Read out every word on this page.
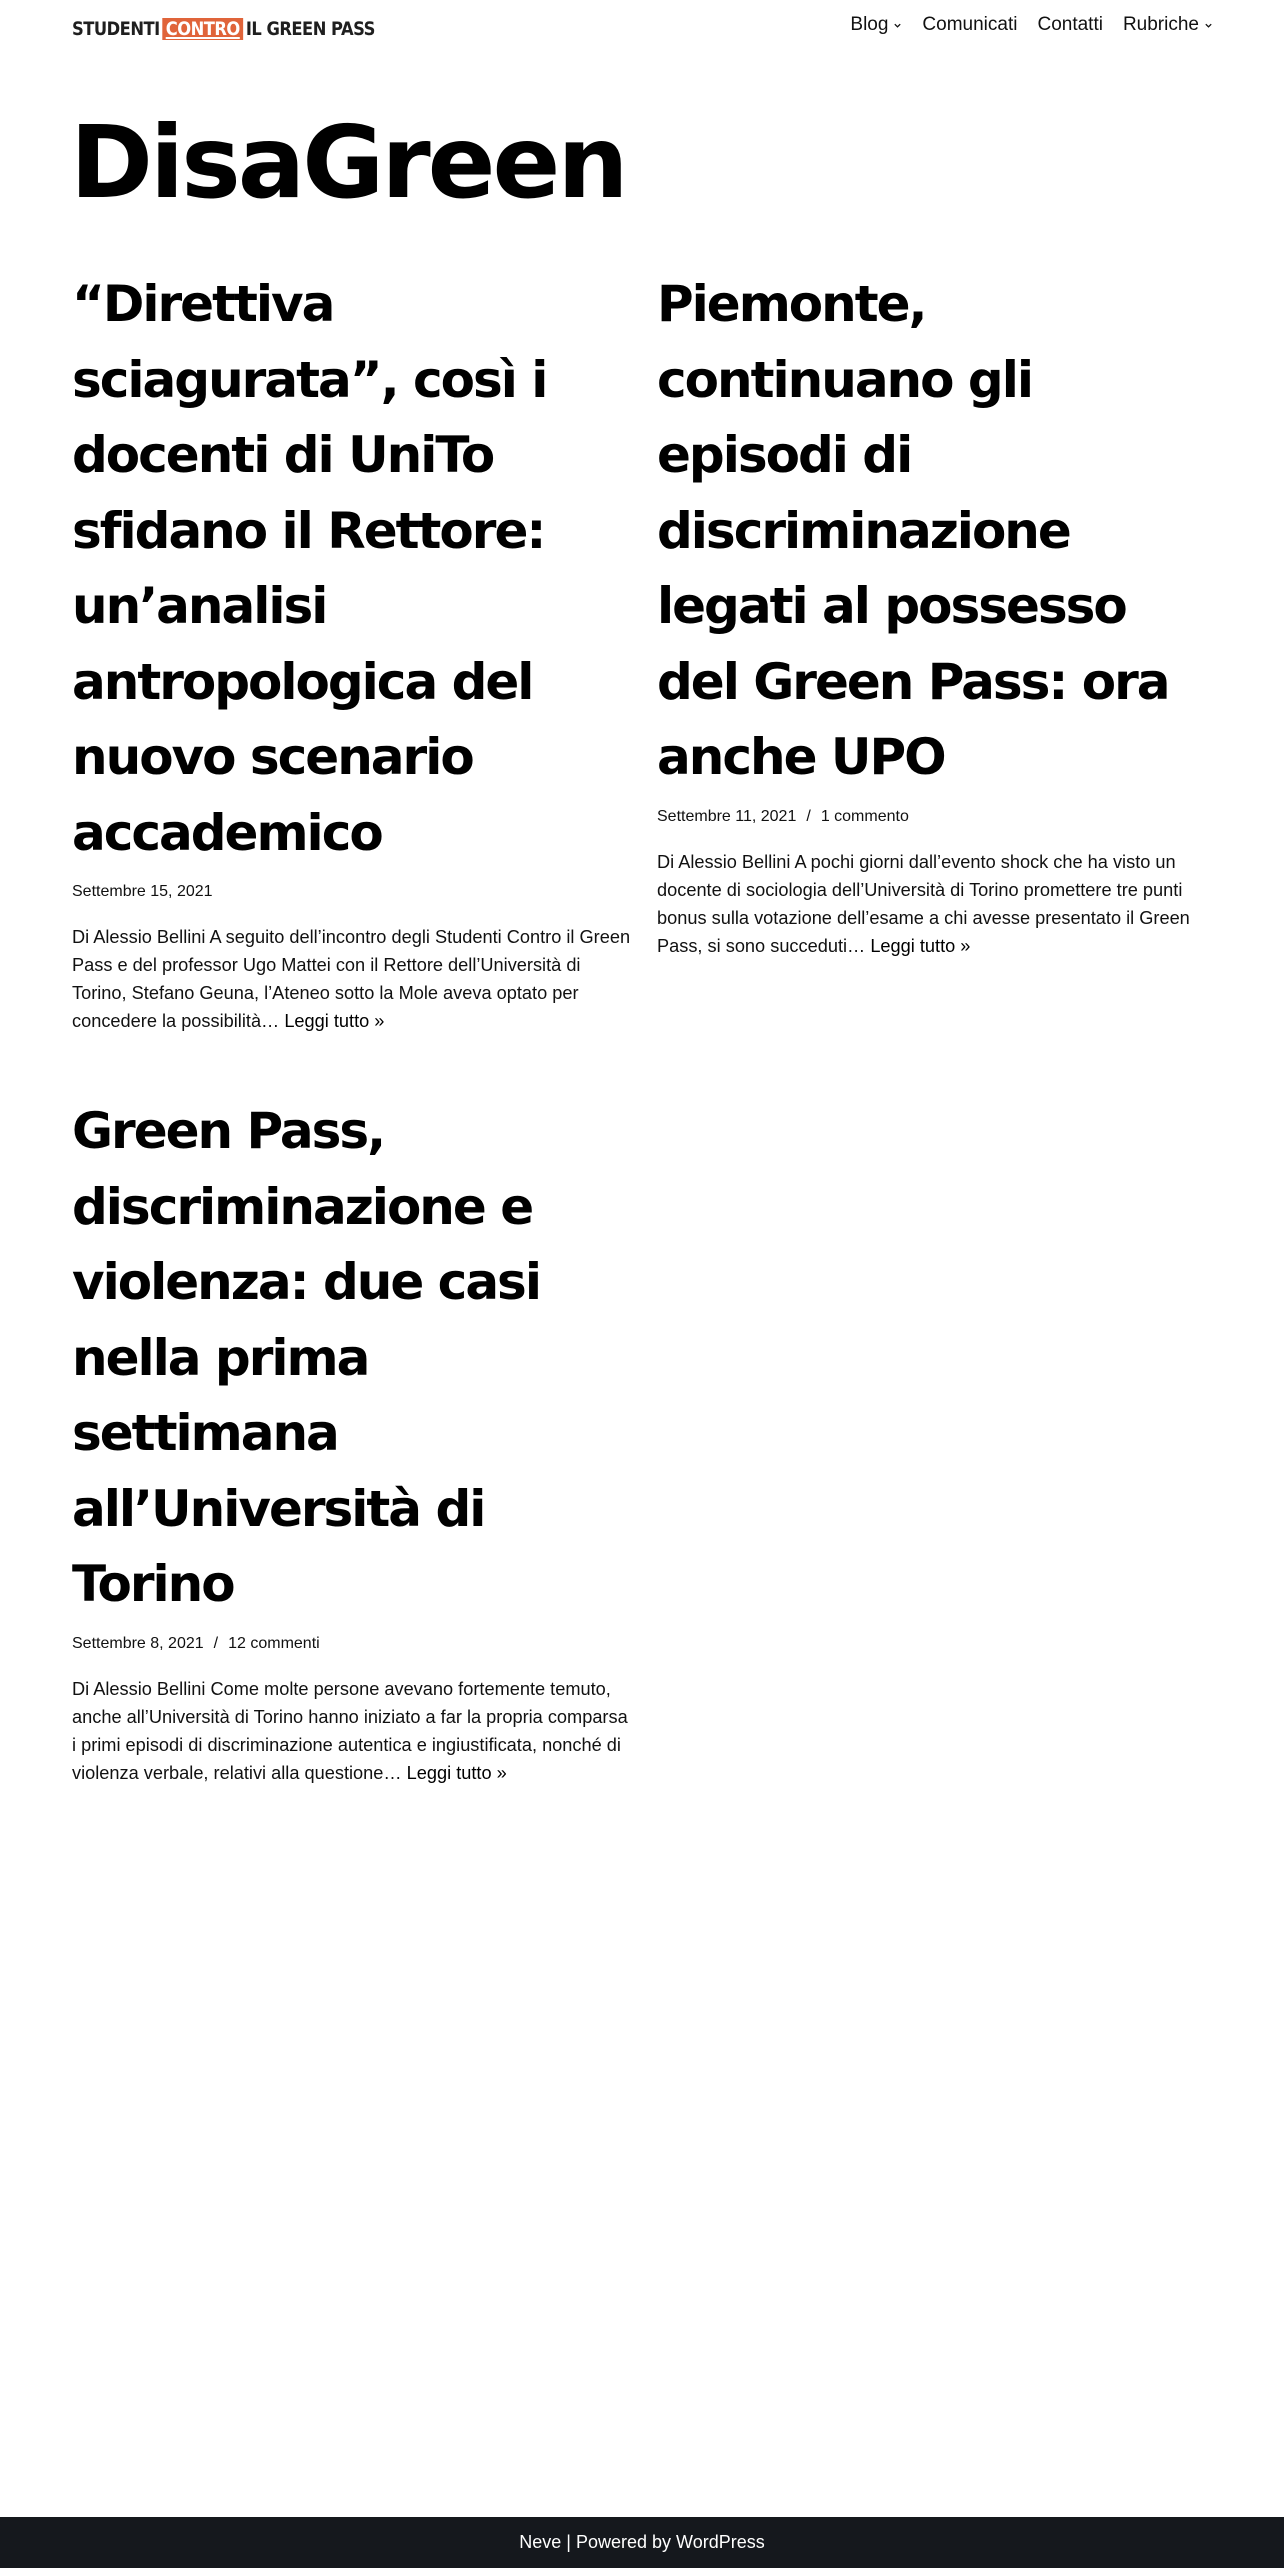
STUDENTI CONTRO IL GREEN PASS	Blog Comunicati Contatti Rubriche
DisaGreen
“Direttiva sciagurata”, così i docenti di UniTo sfidano il Rettore: un’analisi antropologica del nuovo scenario accademico
Settembre 15, 2021
Di Alessio Bellini A seguito dell’incontro degli Studenti Contro il Green Pass e del professor Ugo Mattei con il Rettore dell’Università di Torino, Stefano Geuna, l’Ateneo sotto la Mole aveva optato per concedere la possibilità… Leggi tutto »
Piemonte, continuano gli episodi di discriminazione legati al possesso del Green Pass: ora anche UPO
Settembre 11, 2021 / 1 commento
Di Alessio Bellini A pochi giorni dall’evento shock che ha visto un docente di sociologia dell’Università di Torino promettere tre punti bonus sulla votazione dell’esame a chi avesse presentato il Green Pass, si sono succeduti… Leggi tutto »
Green Pass, discriminazione e violenza: due casi nella prima settimana all’Università di Torino
Settembre 8, 2021 / 12 commenti
Di Alessio Bellini Come molte persone avevano fortemente temuto, anche all’Università di Torino hanno iniziato a far la propria comparsa i primi episodi di discriminazione autentica e ingiustificata, nonché di violenza verbale, relativi alla questione… Leggi tutto »
Neve | Powered by WordPress
